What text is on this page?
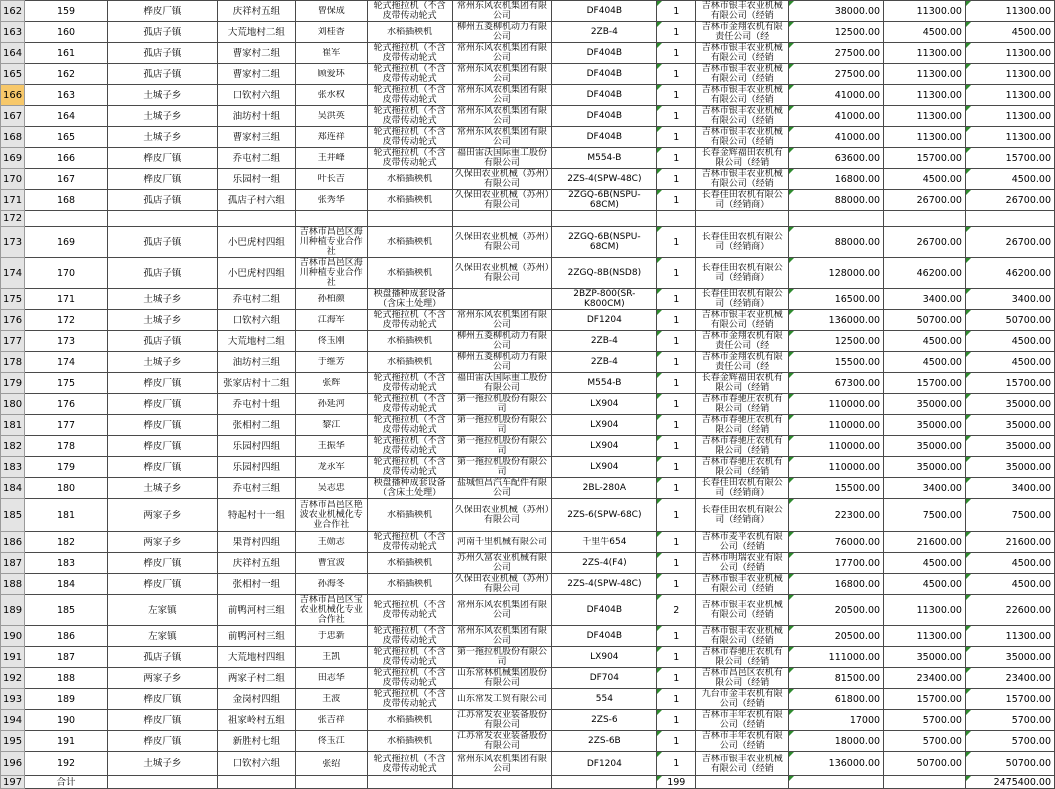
162	159	桦皮厂镇	庆祥村五组	曾保成	轮式拖拉机（不含皮带传动轮式	常州东风农机集团有限公司	DF404B	1	吉林市银丰农业机械有限公司（经销	38000.00	11300.00	11300.00

163	160	孤店子镇	大荒地村二组	刘桂香	水稻插秧机	柳州五菱柳机动力有限公司	2ZB-4	1	吉林市金翔农机有限责任公司（经	12500.00	4500.00	4500.00

164	161	孤店子镇	曹家村二组	崔军	轮式拖拉机（不含皮带传动轮式	常州东风农机集团有限公司	DF404B	1	吉林市银丰农业机械有限公司（经销	27500.00	11300.00	11300.00

165	162	孤店子镇	曹家村二组	顾爱环	轮式拖拉机（不含皮带传动轮式	常州东风农机集团有限公司	DF404B	1	吉林市银丰农业机械有限公司（经销	27500.00	11300.00	11300.00

166	163	土城子乡	口钦村六组	张水权	轮式拖拉机（不含皮带传动轮式	常州东风农机集团有限公司	DF404B	1	吉林市银丰农业机械有限公司（经销	41000.00	11300.00	11300.00

167	164	土城子乡	油坊村十组	吴洪英	轮式拖拉机（不含皮带传动轮式	常州东风农机集团有限公司	DF404B	1	吉林市银丰农业机械有限公司（经销	41000.00	11300.00	11300.00

168	165	土城子乡	曹家村三组	郑连祥	轮式拖拉机（不含皮带传动轮式	常州东风农机集团有限公司	DF404B	1	吉林市银丰农业机械有限公司（经销	41000.00	11300.00	11300.00

169	166	桦皮厂镇	乔屯村二组	王井峰	轮式拖拉机（不含皮带传动轮式	福田雷沃国际重工股份有限公司	M554-B	1	长春金辉福田农机有限公司（经销	63600.00	15700.00	15700.00

170	167	桦皮厂镇	乐园村一组	叶长吉	水稻插秧机	久保田农业机械（苏州）有限公司	2ZS-4(SPW-48C)	1	吉林市银丰农业机械有限公司（经销	16800.00	4500.00	4500.00

171	168	孤店子镇	孤店子村六组	张秀华	水稻插秧机	久保田农业机械（苏州）有限公司	2ZGQ-6B(NSPU-68CM)	1	长春佳田农机有限公司（经销商）	88000.00	26700.00	26700.00

172	

173	169	孤店子镇	小巴虎村四组	吉林市昌邑区海川种植专业合作社	水稻插秧机	久保田农业机械（苏州）有限公司	2ZGQ-6B(NSPU-68CM)	1	长春佳田农机有限公司（经销商）	88000.00	26700.00	26700.00

174	170	孤店子镇	小巴虎村四组	吉林市昌邑区海川种植专业合作社	水稻插秧机	久保田农业机械（苏州）有限公司	2ZGQ-8B(NSD8)	1	长春佳田农机有限公司（经销商）	128000.00	46200.00	46200.00

175	171	土城子乡	乔屯村二组	孙柏颜	秧盘播种成套设备（含床土处理）		2BZP-800(SR-K800CM)	1	长春佳田农机有限公司（经销商）	16500.00	3400.00	3400.00

176	172	土城子乡	口钦村六组	江海军	轮式拖拉机（不含皮带传动轮式	常州东风农机集团有限公司	DF1204	1	吉林市银丰农业机械有限公司（经销	136000.00	50700.00	50700.00

177	173	孤店子镇	大荒地村二组	佟玉刚	水稻插秧机	柳州五菱柳机动力有限公司	2ZB-4	1	吉林市金翔农机有限责任公司（经	12500.00	4500.00	4500.00

178	174	土城子乡	油坊村三组	于维芳	水稻插秧机	柳州五菱柳机动力有限公司	2ZB-4	1	吉林市金翔农机有限责任公司（经	15500.00	4500.00	4500.00

179	175	桦皮厂镇	张家店村十二组	张辉	轮式拖拉机（不含皮带传动轮式	福田雷沃国际重工股份有限公司	M554-B	1	长春金辉福田农机有限公司（经销	67300.00	15700.00	15700.00

180	176	桦皮厂镇	乔屯村十组	孙延河	轮式拖拉机（不含皮带传动轮式	第一拖拉机股份有限公司	LX904	1	吉林市春驰庄农机有限公司（经销	110000.00	35000.00	35000.00

181	177	桦皮厂镇	张相村二组	黎江	轮式拖拉机（不含皮带传动轮式	第一拖拉机股份有限公司	LX904	1	吉林市春驰庄农机有限公司（经销	110000.00	35000.00	35000.00

182	178	桦皮厂镇	乐园村四组	王振华	轮式拖拉机（不含皮带传动轮式	第一拖拉机股份有限公司	LX904	1	吉林市春驰庄农机有限公司（经销	110000.00	35000.00	35000.00

183	179	桦皮厂镇	乐园村四组	龙永军	轮式拖拉机（不含皮带传动轮式	第一拖拉机股份有限公司	LX904	1	吉林市春驰庄农机有限公司（经销	110000.00	35000.00	35000.00

184	180	土城子乡	乔屯村三组	吴志忠	秧盘播种成套设备（含床土处理）	盐城恒昌汽车配件有限公司	2BL-280A	1	长春佳田农机有限公司（经销商）	15500.00	3400.00	3400.00

185	181	两家子乡	特起村十一组	吉林市昌邑区艳波农业机械化专业合作社	水稻插秧机	久保田农业机械（苏州）有限公司	2ZS-6(SPW-68C)	1	长春佳田农机有限公司（经销商）	22300.00	7500.00	7500.00

186	182	两家子乡	果背村四组	王勋志	轮式拖拉机（不含皮带传动轮式	河南千里机械有限公司	千里牛654	1	吉林市麦平农机有限公司（经销	76000.00	21600.00	21600.00

187	183	桦皮厂镇	庆祥村五组	曹宜波	水稻插秧机	苏州久富农业机械有限公司	2ZS-4(F4)	1	吉林市明瑞农业有限公司（经销	17700.00	4500.00	4500.00

188	184	桦皮厂镇	张相村一组	孙海冬	水稻插秧机	久保田农业机械（苏州）有限公司	2ZS-4(SPW-48C)	1	吉林市银丰农业机械有限公司（经销	16800.00	4500.00	4500.00

189	185	左家镇	前鸭河村三组	吉林市昌邑区宝农业机械化专业合作社	轮式拖拉机（不含皮带传动轮式	常州东风农机集团有限公司	DF404B	2	吉林市银丰农业机械有限公司（经销	20500.00	11300.00	22600.00

190	186	左家镇	前鸭河村三组	于忠新	轮式拖拉机（不含皮带传动轮式	常州东风农机集团有限公司	DF404B	1	吉林市银丰农业机械有限公司（经销	20500.00	11300.00	11300.00

191	187	孤店子镇	大荒地村四组	王凯	轮式拖拉机（不含皮带传动轮式	第一拖拉机股份有限公司	LX904	1	吉林市春驰庄农机有限公司（经销	111000.00	35000.00	35000.00

192	188	两家子乡	两家子村二组	田志华	轮式拖拉机（不含皮带传动轮式	山东常林机械集团股份有限公司	DF704	1	吉林市昌邑区农机有限公司（经销	81500.00	23400.00	23400.00

193	189	桦皮厂镇	金岗村四组	王波	轮式拖拉机（不含皮带传动轮式	山东常发工贸有限公司	554	1	九台市金丰农机有限公司（经销	61800.00	15700.00	15700.00

194	190	桦皮厂镇	祖家岭村五组	张吉祥	水稻插秧机	江苏常发农业装备股份有限公司	2ZS-6	1	吉林市丰年农机有限公司（经销	17000	5700.00	5700.00

195	191	桦皮厂镇	新胜村七组	佟玉江	水稻插秧机	江苏常发农业装备股份有限公司	2ZS-6B	1	吉林市丰年农机有限公司（经销	18000.00	5700.00	5700.00

196	192	土城子乡	口钦村六组	张绍	轮式拖拉机（不含皮带传动轮式	常州东风农机集团有限公司	DF1204	1	吉林市银丰农业机械有限公司（经销	136000.00	50700.00	50700.00

197	合计							199				2475400.00
